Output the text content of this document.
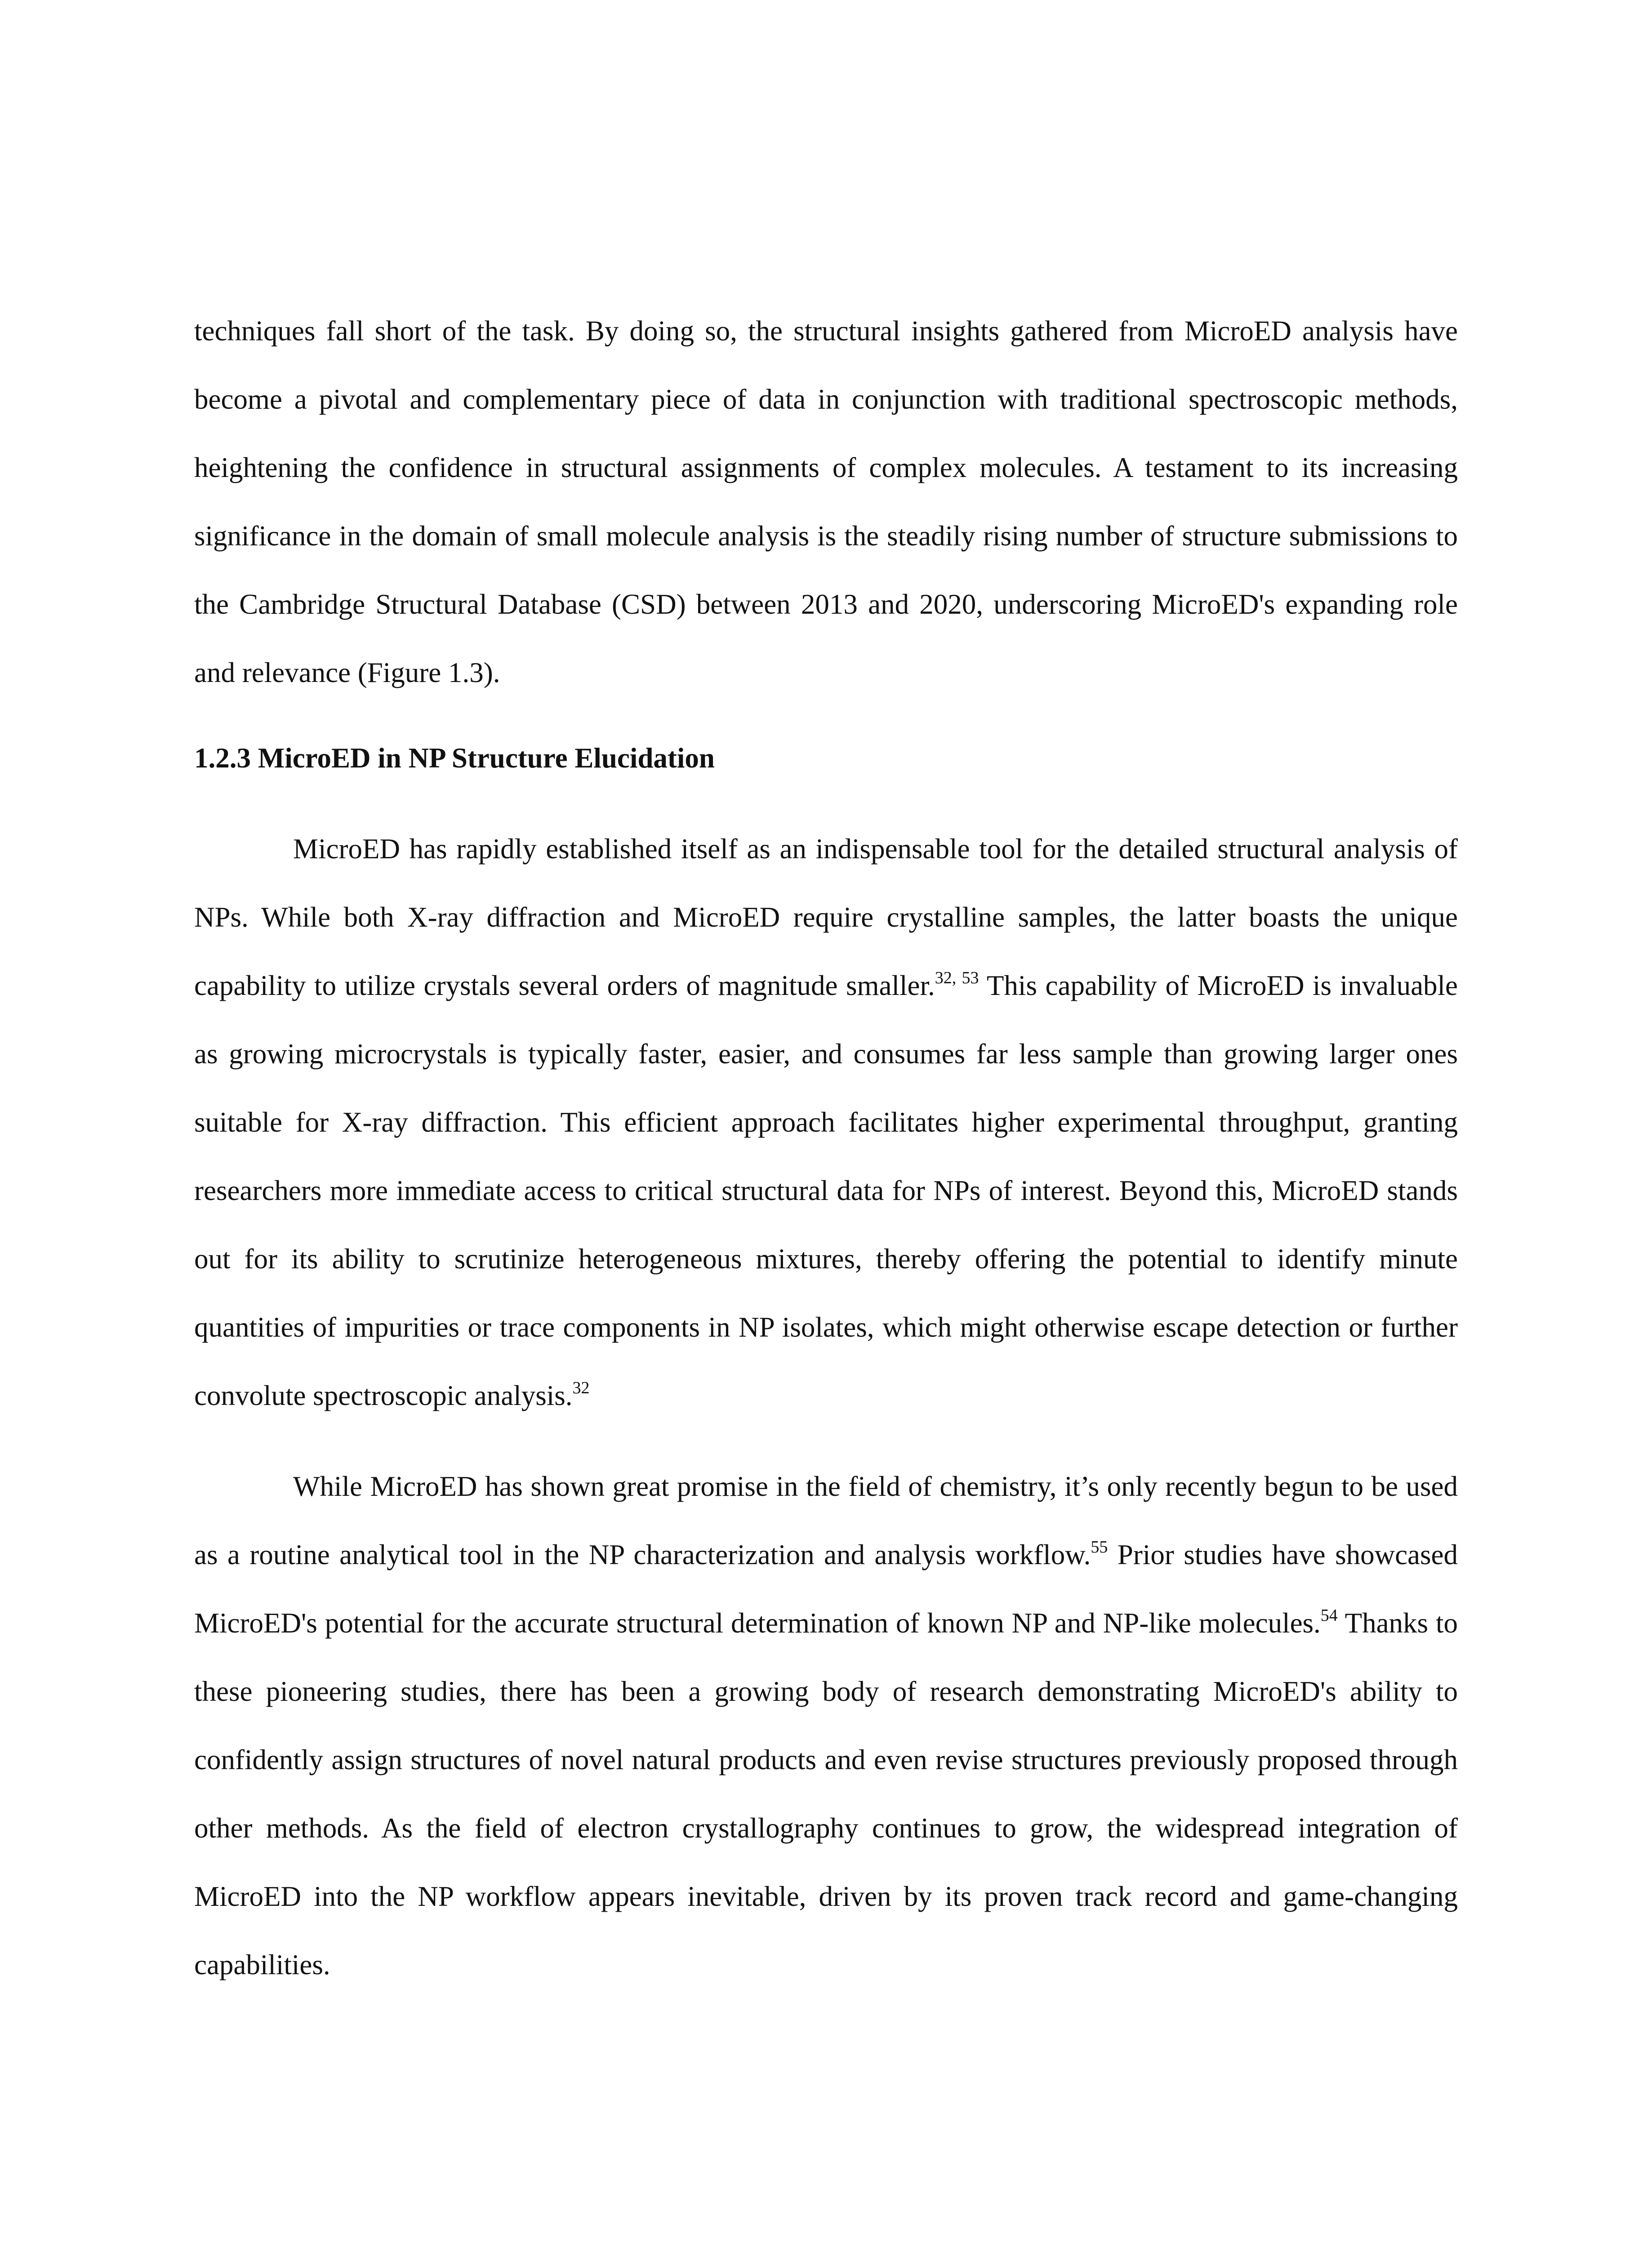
techniques fall short of the task. By doing so, the structural insights gathered from MicroED analysis have become a pivotal and complementary piece of data in conjunction with traditional spectroscopic methods, heightening the confidence in structural assignments of complex molecules. A testament to its increasing significance in the domain of small molecule analysis is the steadily rising number of structure submissions to the Cambridge Structural Database (CSD) between 2013 and 2020, underscoring MicroED's expanding role and relevance (Figure 1.3).

1.2.3 MicroED in NP Structure Elucidation

MicroED has rapidly established itself as an indispensable tool for the detailed structural analysis of NPs. While both X-ray diffraction and MicroED require crystalline samples, the latter boasts the unique capability to utilize crystals several orders of magnitude smaller.$^{32, 53}$ This capability of MicroED is invaluable as growing microcrystals is typically faster, easier, and consumes far less sample than growing larger ones suitable for X-ray diffraction. This efficient approach facilitates higher experimental throughput, granting researchers more immediate access to critical structural data for NPs of interest. Beyond this, MicroED stands out for its ability to scrutinize heterogeneous mixtures, thereby offering the potential to identify minute quantities of impurities or trace components in NP isolates, which might otherwise escape detection or further convolute spectroscopic analysis.$^{32}$

While MicroED has shown great promise in the field of chemistry, it’s only recently begun to be used as a routine analytical tool in the NP characterization and analysis workflow.$^{55}$ Prior studies have showcased MicroED's potential for the accurate structural determination of known NP and NP-like molecules.$^{54}$ Thanks to these pioneering studies, there has been a growing body of research demonstrating MicroED's ability to confidently assign structures of novel natural products and even revise structures previously proposed through other methods. As the field of electron crystallography continues to grow, the widespread integration of MicroED into the NP workflow appears inevitable, driven by its proven track record and game-changing capabilities.
